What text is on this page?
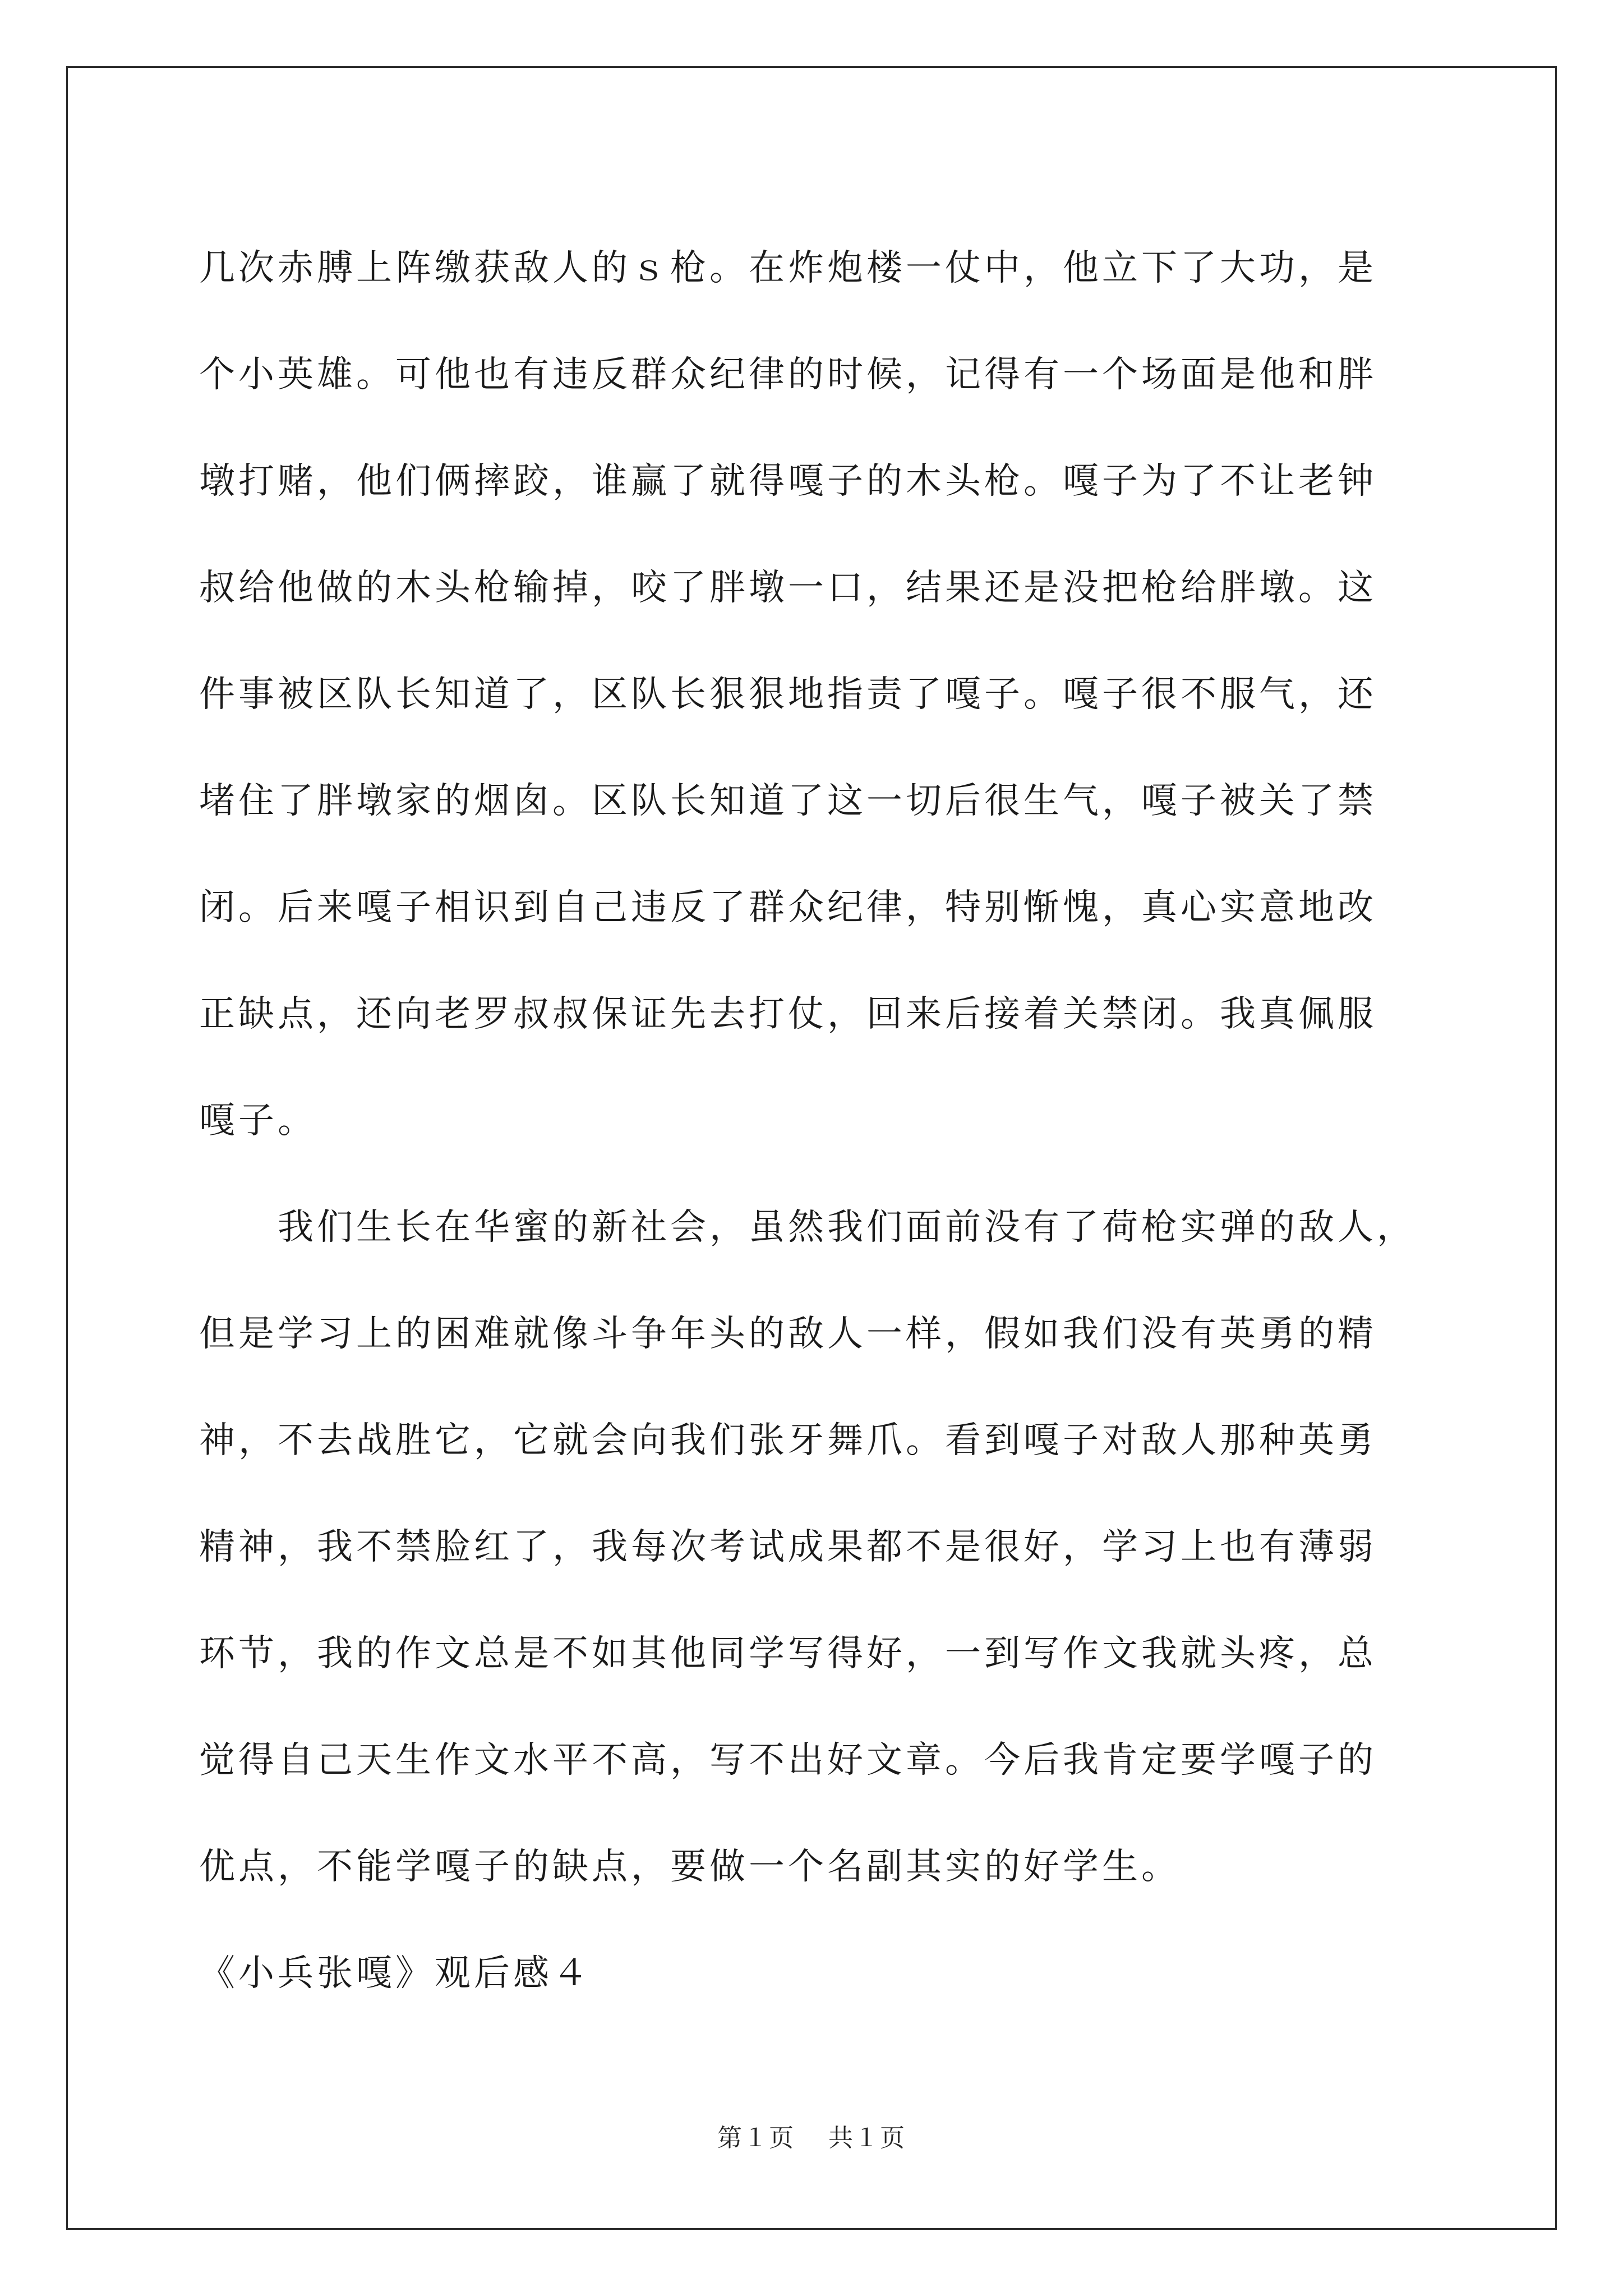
几次赤膊上阵缴获敌人的ｓ枪。在炸炮楼一仗中，他立下了大功，是
个小英雄。可他也有违反群众纪律的时候，记得有一个场面是他和胖
墩打赌，他们俩摔跤，谁赢了就得嘎子的木头枪。嘎子为了不让老钟
叔给他做的木头枪输掉，咬了胖墩一口，结果还是没把枪给胖墩。这
件事被区队长知道了，区队长狠狠地指责了嘎子。嘎子很不服气，还
堵住了胖墩家的烟囱。区队长知道了这一切后很生气，嘎子被关了禁
闭。后来嘎子相识到自己违反了群众纪律，特别惭愧，真心实意地改
正缺点，还向老罗叔叔保证先去打仗，回来后接着关禁闭。我真佩服
嘎子。
我们生长在华蜜的新社会，虽然我们面前没有了荷枪实弹的敌人，
但是学习上的困难就像斗争年头的敌人一样，假如我们没有英勇的精
神，不去战胜它，它就会向我们张牙舞爪。看到嘎子对敌人那种英勇
精神，我不禁脸红了，我每次考试成果都不是很好，学习上也有薄弱
环节，我的作文总是不如其他同学写得好，一到写作文我就头疼，总
觉得自己天生作文水平不高，写不出好文章。今后我肯定要学嘎子的
优点，不能学嘎子的缺点，要做一个名副其实的好学生。
《小兵张嘎》观后感４
第１页 共１页
